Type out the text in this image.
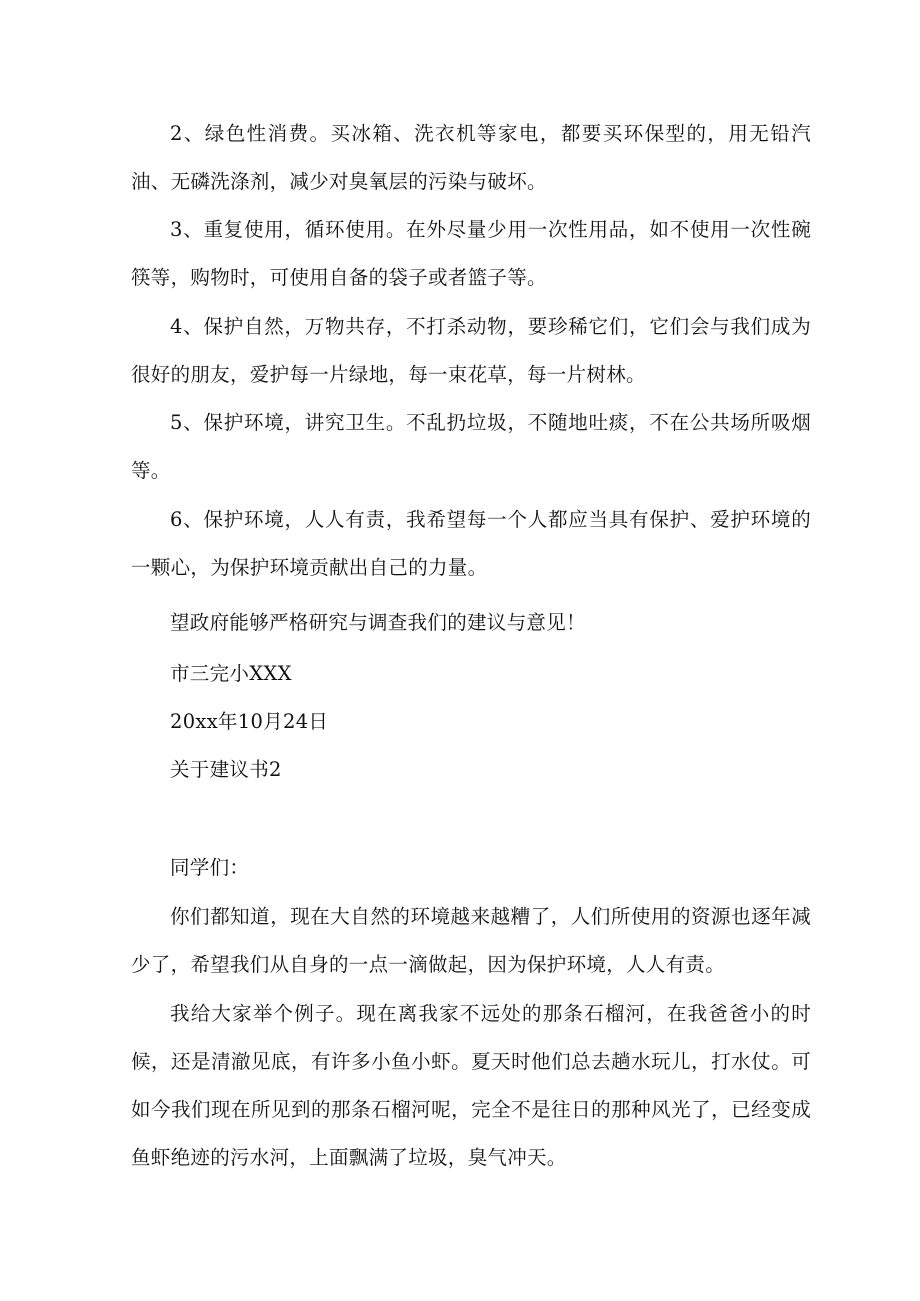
2、绿色性消费。买冰箱、洗衣机等家电，都要买环保型的，用无铅汽油、无磷洗涤剂，减少对臭氧层的污染与破坏。

3、重复使用，循环使用。在外尽量少用一次性用品，如不使用一次性碗筷等，购物时，可使用自备的袋子或者篮子等。

4、保护自然，万物共存，不打杀动物，要珍稀它们，它们会与我们成为很好的朋友，爱护每一片绿地，每一束花草，每一片树林。

5、保护环境，讲究卫生。不乱扔垃圾，不随地吐痰，不在公共场所吸烟等。

6、保护环境，人人有责，我希望每一个人都应当具有保护、爱护环境的一颗心，为保护环境贡献出自己的力量。

望政府能够严格研究与调查我们的建议与意见！

市三完小XXX

20xx年10月24日

关于建议书2

同学们：

你们都知道，现在大自然的环境越来越糟了，人们所使用的资源也逐年减少了，希望我们从自身的一点一滴做起，因为保护环境，人人有责。

我给大家举个例子。现在离我家不远处的那条石榴河，在我爸爸小的时候，还是清澈见底，有许多小鱼小虾。夏天时他们总去趟水玩儿，打水仗。可如今我们现在所见到的那条石榴河呢，完全不是往日的那种风光了，已经变成鱼虾绝迹的污水河，上面飘满了垃圾，臭气冲天。
